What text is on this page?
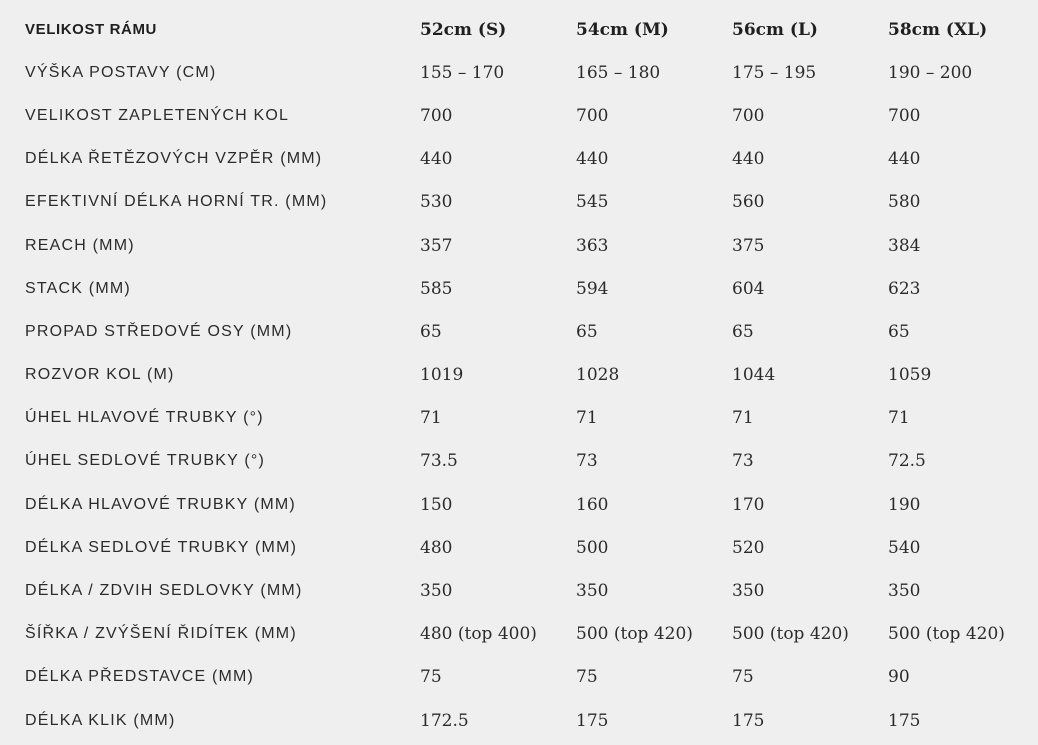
VELIKOST RÁMU	52cm (S)	54cm (M)	56cm (L)	58cm (XL)
VÝŠKA POSTAVY (CM)	155 – 170	165 – 180	175 – 195	190 – 200
VELIKOST ZAPLETENÝCH KOL	700	700	700	700
DÉLKA ŘETĚZOVÝCH VZPĚR (MM)	440	440	440	440
EFEKTIVNÍ DÉLKA HORNÍ TR. (MM)	530	545	560	580
REACH (MM)	357	363	375	384
STACK (MM)	585	594	604	623
PROPAD STŘEDOVÉ OSY (MM)	65	65	65	65
ROZVOR KOL (M)	1019	1028	1044	1059
ÚHEL HLAVOVÉ TRUBKY (°)	71	71	71	71
ÚHEL SEDLOVÉ TRUBKY (°)	73.5	73	73	72.5
DÉLKA HLAVOVÉ TRUBKY (MM)	150	160	170	190
DÉLKA SEDLOVÉ TRUBKY (MM)	480	500	520	540
DÉLKA / ZDVIH SEDLOVKY (MM)	350	350	350	350
ŠÍŘKA / ZVÝŠENÍ ŘIDÍTEK (MM)	480 (top 400)	500 (top 420)	500 (top 420)	500 (top 420)
DÉLKA PŘEDSTAVCE (MM)	75	75	75	90
DÉLKA KLIK (MM)	172.5	175	175	175
